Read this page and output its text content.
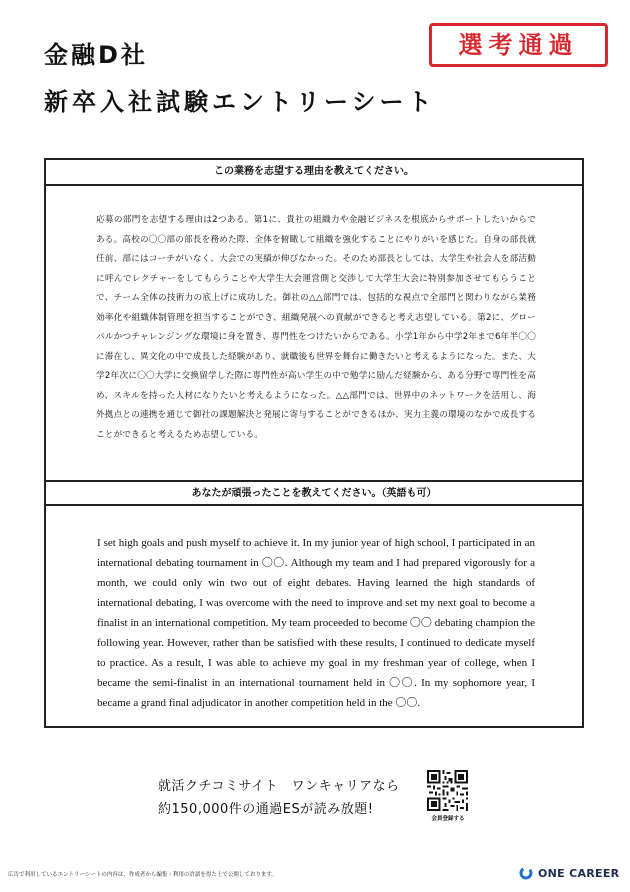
金融D社
新卒入社試験エントリーシート
選考通過
この業務を志望する理由を教えてください。

応募の部門を志望する理由は2つある。第1に、貴社の組織力や金融ビジネスを根底からサポートしたいからである。高校の〇〇部の部長を務めた際、全体を俯瞰して組織を強化することにやりがいを感じた。自身の部長就任前、部にはコーチがいなく、大会での実績が伸びなかった。そのため部長としては、大学生や社会人を部活動に呼んでレクチャーをしてもらうことや大学生大会運営側と交渉して大学生大会に特別参加させてもらうことで、チーム全体の技術力の底上げに成功した。御社の△△部門では、包括的な視点で全部門と関わりながら業務効率化や組織体制管理を担当することができ、組織発展への貢献ができると考え志望している。第2に、グローバルかつチャレンジングな環境に身を置き、専門性をつけたいからである。小学1年から中学2年まで6年半〇〇に滞在し、異文化の中で成長した経験があり、就職後も世界を舞台に働きたいと考えるようになった。また、大学2年次に〇〇大学に交換留学した際に専門性が高い学生の中で勉学に励んだ経験から、ある分野で専門性を高め、スキルを持った人材になりたいと考えるようになった。△△部門では、世界中のネットワークを活用し、海外拠点との連携を通じて御社の課題解決と発展に寄与することができるほか、実力主義の環境のなかで成長することができると考えるため志望している。

あなたが頑張ったことを教えてください。（英語も可）

I set high goals and push myself to achieve it. In my junior year of high school, I participated in an international debating tournament in 〇〇. Although my team and I had prepared vigorously for a month, we could only win two out of eight debates. Having learned the high standards of international debating, I was overcome with the need to improve and set my next goal to become a finalist in an international competition. My team proceeded to become 〇〇 debating champion the following year. However, rather than be satisfied with these results, I continued to dedicate myself to practice. As a result, I was able to achieve my goal in my freshman year of college, when I became the semi-finalist in an international tournament held in 〇〇. In my sophomore year, I became a grand final adjudicator in another competition held in the 〇〇.

就活クチコミサイト　ワンキャリアなら
約150,000件の通過ESが読み放題!
会員登録する
広告で利用しているエントリーシートの内容は、作成者から編集・利用の許諾を得た上で公開しております。	ONE CAREER
